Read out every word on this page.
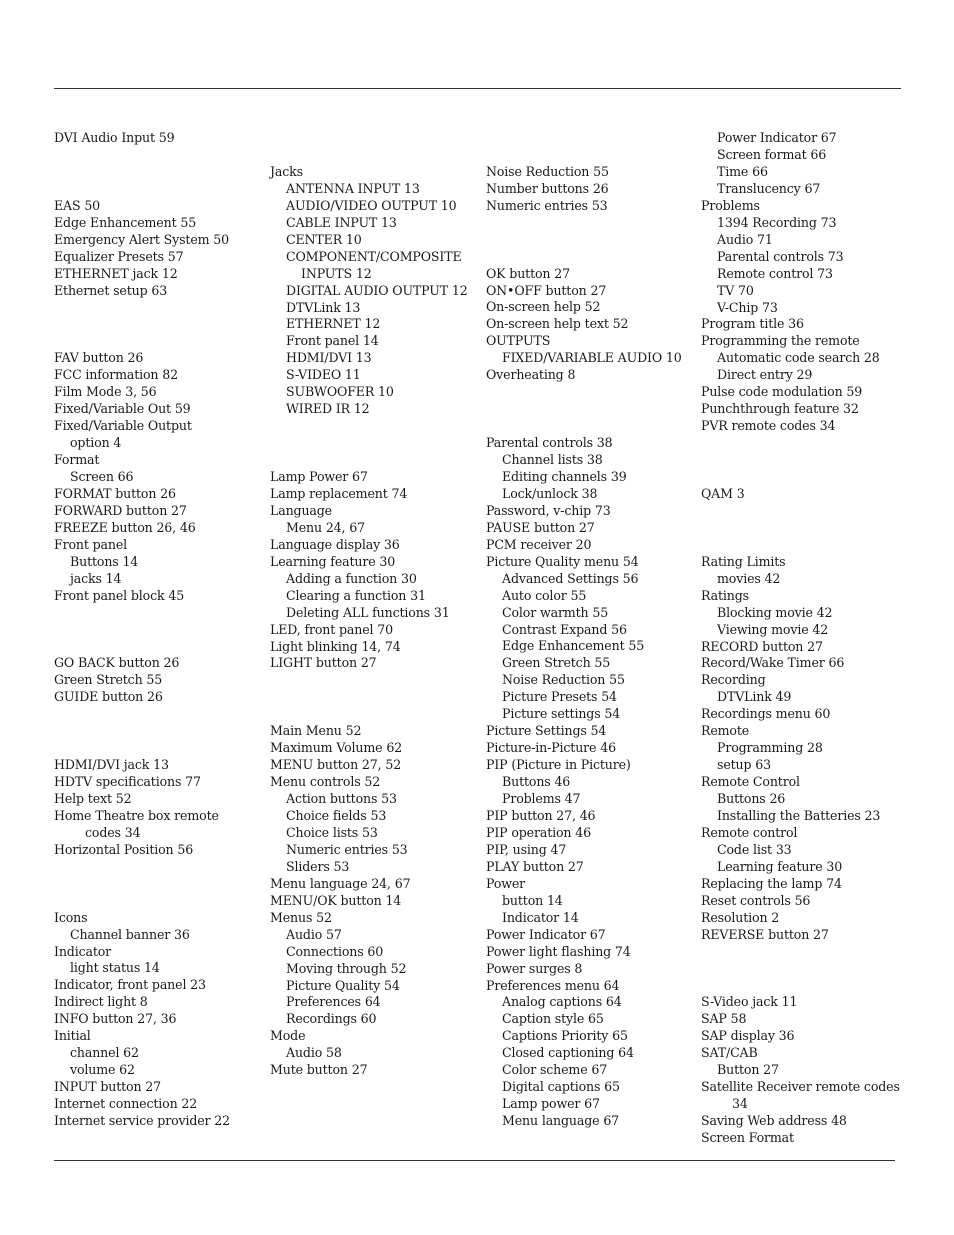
DVI Audio Input 59
EAS 50
Edge Enhancement 55
Emergency Alert System 50
Equalizer Presets 57
ETHERNET jack 12
Ethernet setup 63
FAV button 26
FCC information 82
Film Mode 3, 56
Fixed/Variable Out 59
Fixed/Variable Output
option 4
Format
Screen 66
FORMAT button 26
FORWARD button 27
FREEZE button 26, 46
Front panel
Buttons 14
jacks 14
Front panel block 45
GO BACK button 26
Green Stretch 55
GUIDE button 26
HDMI/DVI jack 13
HDTV specifications 77
Help text 52
Home Theatre box remote
codes 34
Horizontal Position 56
Icons
Channel banner 36
Indicator
light status 14
Indicator, front panel 23
Indirect light 8
INFO button 27, 36
Initial
channel 62
volume 62
INPUT button 27
Internet connection 22
Internet service provider 22
Jacks
ANTENNA INPUT 13
AUDIO/VIDEO OUTPUT 10
CABLE INPUT 13
CENTER 10
COMPONENT/COMPOSITE
INPUTS 12
DIGITAL AUDIO OUTPUT 12
DTVLink 13
ETHERNET 12
Front panel 14
HDMI/DVI 13
S-VIDEO 11
SUBWOOFER 10
WIRED IR 12
Lamp Power 67
Lamp replacement 74
Language
Menu 24, 67
Language display 36
Learning feature 30
Adding a function 30
Clearing a function 31
Deleting ALL functions 31
LED, front panel 70
Light blinking 14, 74
LIGHT button 27
Main Menu 52
Maximum Volume 62
MENU button 27, 52
Menu controls 52
Action buttons 53
Choice fields 53
Choice lists 53
Numeric entries 53
Sliders 53
Menu language 24, 67
MENU/OK button 14
Menus 52
Audio 57
Connections 60
Moving through 52
Picture Quality 54
Preferences 64
Recordings 60
Mode
Audio 58
Mute button 27
Noise Reduction 55
Number buttons 26
Numeric entries 53
OK button 27
ON•OFF button 27
On-screen help 52
On-screen help text 52
OUTPUTS
FIXED/VARIABLE AUDIO 10
Overheating 8
Parental controls 38
Channel lists 38
Editing channels 39
Lock/unlock 38
Password, v-chip 73
PAUSE button 27
PCM receiver 20
Picture Quality menu 54
Advanced Settings 56
Auto color 55
Color warmth 55
Contrast Expand 56
Edge Enhancement 55
Green Stretch 55
Noise Reduction 55
Picture Presets 54
Picture settings 54
Picture Settings 54
Picture-in-Picture 46
PIP (Picture in Picture)
Buttons 46
Problems 47
PIP button 27, 46
PIP operation 46
PIP, using 47
PLAY button 27
Power
button 14
Indicator 14
Power Indicator 67
Power light flashing 74
Power surges 8
Preferences menu 64
Analog captions 64
Caption style 65
Captions Priority 65
Closed captioning 64
Color scheme 67
Digital captions 65
Lamp power 67
Menu language 67
Power Indicator 67
Screen format 66
Time 66
Translucency 67
Problems
1394 Recording 73
Audio 71
Parental controls 73
Remote control 73
TV 70
V-Chip 73
Program title 36
Programming the remote
Automatic code search 28
Direct entry 29
Pulse code modulation 59
Punchthrough feature 32
PVR remote codes 34
QAM 3
Rating Limits
movies 42
Ratings
Blocking movie 42
Viewing movie 42
RECORD button 27
Record/Wake Timer 66
Recording
DTVLink 49
Recordings menu 60
Remote
Programming 28
setup 63
Remote Control
Buttons 26
Installing the Batteries 23
Remote control
Code list 33
Learning feature 30
Replacing the lamp 74
Reset controls 56
Resolution 2
REVERSE button 27
S-Video jack 11
SAP 58
SAP display 36
SAT/CAB
Button 27
Satellite Receiver remote codes
34
Saving Web address 48
Screen Format
